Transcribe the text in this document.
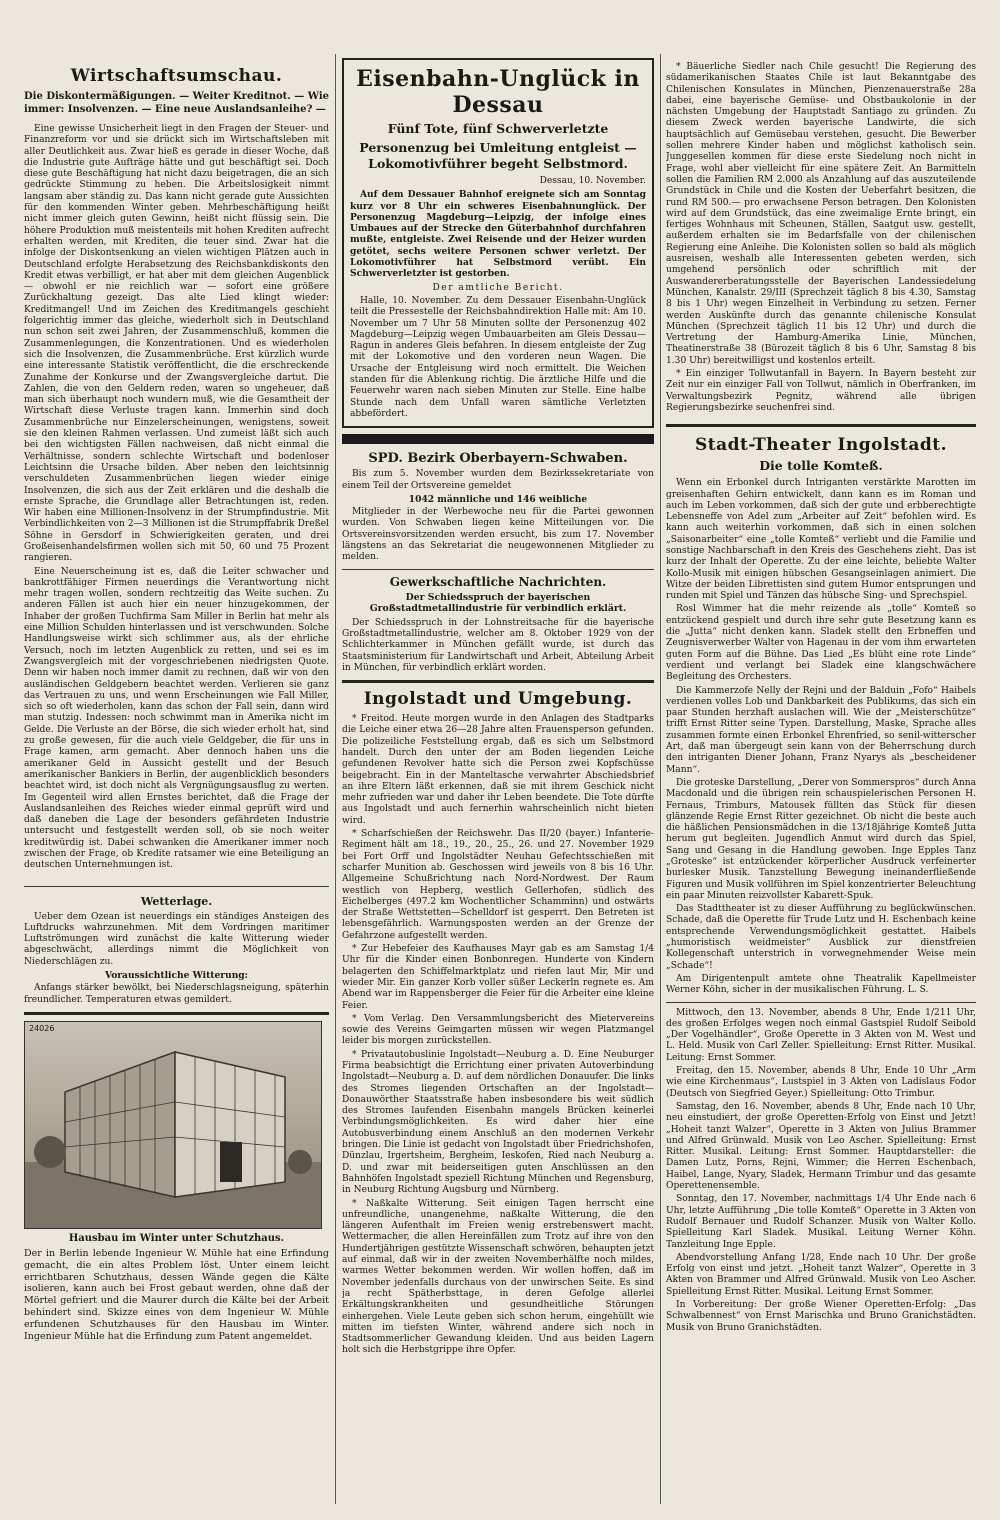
Wirtschaftsumschau.

Die Diskontermäßigungen. — Weiter Kreditnot. — Wie immer: Insolvenzen. — Eine neue Auslandsanleihe? —

Eine gewisse Unsicherheit liegt in den Fragen der Steuer- und Finanzreform vor und sie drückt sich im Wirtschaftsleben mit aller Deutlichkeit aus. Zwar hieß es gerade in dieser Woche, daß die Industrie gute Aufträge hätte und gut beschäftigt sei. Doch diese gute Beschäftigung hat nicht dazu beigetragen, die an sich gedrückte Stimmung zu heben. Die Arbeitslosigkeit nimmt langsam aber ständig zu. Das kann nicht gerade gute Aussichten für den kommenden Winter geben. Mehrbeschäftigung heißt nicht immer gleich guten Gewinn, heißt nicht flüssig sein. Die höhere Produktion muß meistenteils mit hohen Krediten aufrecht erhalten werden, mit Krediten, die teuer sind. Zwar hat die infolge der Diskontsenkung an vielen wichtigen Plätzen auch in Deutschland erfolgte Herabsetzung des Reichsbankdiskonts den Kredit etwas verbilligt, er hat aber mit dem gleichen Augenblick — obwohl er nie reichlich war — sofort eine größere Zurückhaltung gezeigt. Das alte Lied klingt wieder: Kreditmangel! Und im Zeichen des Kreditmangels geschieht folgerichtig immer das gleiche, wiederholt sich in Deutschland nun schon seit zwei Jahren, der Zusammenschluß, kommen die Zusammenlegungen, die Konzentrationen. Und es wiederholen sich die Insolvenzen, die Zusammenbrüche. Erst kürzlich wurde eine interessante Statistik veröffentlicht, die die erschreckende Zunahme der Konkurse und der Zwangsvergleiche dartut. Die Zahlen, die von den Geldern reden, waren so ungeheuer, daß man sich überhaupt noch wundern muß, wie die Gesamtheit der Wirtschaft diese Verluste tragen kann. Immerhin sind doch Zusammenbrüche nur Einzelerscheinungen, wenigstens, soweit sie den kleinen Rahmen verlassen. Und zumeist läßt sich auch bei den wichtigsten Fällen nachweisen, daß nicht einmal die Verhältnisse, sondern schlechte Wirtschaft und bodenloser Leichtsinn die Ursache bilden. Aber neben den leichtsinnig verschuldeten Zusammenbrüchen liegen wieder einige Insolvenzen, die sich aus der Zeit erklären und die deshalb die ernste Sprache, die Grundlage aller Betrachtungen ist, reden. Wir haben eine Millionen-Insolvenz in der Strumpfindustrie. Mit Verbindlichkeiten von 2—3 Millionen ist die Strumpffabrik Dreßel Söhne in Gersdorf in Schwierigkeiten geraten, und drei Großeisenhandelsfirmen wollen sich mit 50, 60 und 75 Prozent rangieren.

Eine Neuerscheinung ist es, daß die Leiter schwacher und bankrottfähiger Firmen neuerdings die Verantwortung nicht mehr tragen wollen, sondern rechtzeitig das Weite suchen. Zu anderen Fällen ist auch hier ein neuer hinzugekommen, der Inhaber der großen Tuchfirma Sam Miller in Berlin hat mehr als eine Million Schulden hinterlassen und ist verschwunden. Solche Handlungsweise wirkt sich schlimmer aus, als der ehrliche Versuch, noch im letzten Augenblick zu retten, und sei es im Zwangsvergleich mit der vorgeschriebenen niedrigsten Quote. Denn wir haben noch immer damit zu rechnen, daß wir von den ausländischen Geldgebern beachtet werden. Verlieren sie ganz das Vertrauen zu uns, und wenn Erscheinungen wie Fall Miller, sich so oft wiederholen, kann das schon der Fall sein, dann wird man stutzig. Indessen: noch schwimmt man in Amerika nicht im Gelde. Die Verluste an der Börse, die sich wieder erholt hat, sind zu große gewesen, für die auch viele Geldgeber, die für uns in Frage kamen, arm gemacht. Aber dennoch haben uns die amerikaner Geld in Aussicht gestellt und der Besuch amerikanischer Bankiers in Berlin, der augenblicklich besonders beachtet wird, ist doch nicht als Vergnügungsausflug zu werten. Im Gegenteil wird allen Ernstes berichtet, daß die Frage der Auslandsanleihen des Reiches wieder einmal geprüft wird und daß daneben die Lage der besonders gefährdeten Industrie untersucht und festgestellt werden soll, ob sie noch weiter kreditwürdig ist. Dabei schwanken die Amerikaner immer noch zwischen der Frage, ob Kredite ratsamer wie eine Beteiligung an deutschen Unternehmungen ist.

Wetterlage.

Ueber dem Ozean ist neuerdings ein ständiges Ansteigen des Luftdrucks wahrzunehmen. Mit dem Vordringen maritimer Luftströmungen wird zunächst die kalte Witterung wieder abgeschwächt, allerdings nimmt die Möglichkeit von Niederschlägen zu.

Voraussichtliche Witterung:

Anfangs stärker bewölkt, bei Niederschlagsneigung, späterhin freundlicher. Temperaturen etwas gemildert.

24026

Hausbau im Winter unter Schutzhaus.

Der in Berlin lebende Ingenieur W. Mühle hat eine Erfindung gemacht, die ein altes Problem löst. Unter einem leicht errichtbaren Schutzhaus, dessen Wände gegen die Kälte isolieren, kann auch bei Frost gebaut werden, ohne daß der Mörtel gefriert und die Maurer durch die Kälte bei der Arbeit behindert sind. Skizze eines von dem Ingenieur W. Mühle erfundenen Schutzhauses für den Hausbau im Winter. Ingenieur Mühle hat die Erfindung zum Patent angemeldet.

Eisenbahn-Unglück in Dessau
Fünf Tote, fünf Schwerverletzte
Personenzug bei Umleitung entgleist — Lokomotivführer begeht Selbstmord.

Dessau, 10. November.

Auf dem Dessauer Bahnhof ereignete sich am Sonntag kurz vor 8 Uhr ein schweres Eisenbahnunglück. Der Personenzug Magdeburg—Leipzig, der infolge eines Umbaues auf der Strecke den Güterbahnhof durchfahren mußte, entgleiste. Zwei Reisende und der Heizer wurden getötet, sechs weitere Personen schwer verletzt. Der Lokomotivführer hat Selbstmord verübt. Ein Schwerverletzter ist gestorben.

Der amtliche Bericht.

Halle, 10. November. Zu dem Dessauer Eisenbahn-Unglück teilt die Pressestelle der Reichsbahndirektion Halle mit: Am 10. November um 7 Uhr 58 Minuten sollte der Personenzug 402 Magdeburg—Leipzig wegen Umbauarbeiten am Gleis Dessau—Ragun in anderes Gleis befahren. In diesem entgleiste der Zug mit der Lokomotive und den vorderen neun Wagen. Die Ursache der Entgleisung wird noch ermittelt. Die Weichen standen für die Ablenkung richtig. Die ärztliche Hilfe und die Feuerwehr waren nach sieben Minuten zur Stelle. Eine halbe Stunde nach dem Unfall waren sämtliche Verletzten abbefördert.

SPD. Bezirk Oberbayern-Schwaben.

Bis zum 5. November wurden dem Bezirkssekretariate von einem Teil der Ortsvereine gemeldet

1042 männliche und 146 weibliche

Mitglieder in der Werbewoche neu für die Partei gewonnen wurden. Von Schwaben liegen keine Mitteilungen vor. Die Ortsvereinsvorsitzenden werden ersucht, bis zum 17. November längstens an das Sekretariat die neugewonnenen Mitglieder zu melden.

Gewerkschaftliche Nachrichten.

Der Schiedsspruch der bayerischen Großstadtmetallindustrie für verbindlich erklärt.

Der Schiedsspruch in der Lohnstreitsache für die bayerische Großstadtmetallindustrie, welcher am 8. Oktober 1929 von der Schlichterkammer in München gefällt wurde, ist durch das Staatsministerium für Landwirtschaft und Arbeit, Abteilung Arbeit in München, für verbindlich erklärt worden.

Ingolstadt und Umgebung.

* Freitod. Heute morgen wurde in den Anlagen des Stadtparks die Leiche einer etwa 26—28 Jahre alten Frauensperson gefunden. Die polizeiliche Feststellung ergab, daß es sich um Selbstmord handelt. Durch den unter der am Boden liegenden Leiche gefundenen Revolver hatte sich die Person zwei Kopfschüsse beigebracht. Ein in der Manteltasche verwahrter Abschiedsbrief an ihre Eltern läßt erkennen, daß sie mit ihrem Geschick nicht mehr zufrieden war und daher ihr Leben beendete. Die Tote dürfte aus Ingolstadt und auch fernerhin wahrscheinlich nicht bieten wird.

* Scharfschießen der Reichswehr. Das II/20 (bayer.) Infanterie-Regiment hält am 18., 19., 20., 25., 26. und 27. November 1929 bei Fort Orff und Ingolstädter Neuhau Gefechtsschießen mit scharfer Munition ab. Geschossen wird jeweils von 8 bis 16 Uhr. Allgemeine Schußrichtung nach Nord-Nordwest. Der Raum westlich von Hepberg, westlich Gellerhofen, südlich des Eichelberges (497.2 km Wochentlicher Schamminn) und ostwärts der Straße Wettstetten—Schelldorf ist gesperrt. Den Betreten ist lebensgefährlich. Warnungsposten werden an der Grenze der Gefahrzone aufgestellt werden.

* Zur Hebefeier des Kaufhauses Mayr gab es am Samstag 1/4 Uhr für die Kinder einen Bonbonregen. Hunderte von Kindern belagerten den Schiffelmarktplatz und riefen laut Mir, Mir und wieder Mir. Ein ganzer Korb voller süßer Leckerln regnete es. Am Abend war im Rappensberger die Feier für die Arbeiter eine kleine Feier.

* Vom Verlag. Den Versammlungsbericht des Mietervereins sowie des Vereins Geimgarten müssen wir wegen Platzmangel leider bis morgen zurückstellen.

* Privatautobuslinie Ingolstadt—Neuburg a. D. Eine Neuburger Firma beabsichtigt die Errichtung einer privaten Autoverbindung Ingolstadt—Neuburg a. D. auf dem nördlichen Donauufer. Die links des Stromes liegenden Ortschaften an der Ingolstadt—Donauwörther Staatsstraße haben insbesondere bis weit südlich des Stromes laufenden Eisenbahn mangels Brücken keinerlei Verbindungsmöglichkeiten. Es wird daher hier eine Autobusverbindung einem Anschluß an den modernen Verkehr bringen. Die Linie ist gedacht von Ingolstadt über Friedrichshofen, Dünzlau, Irgertsheim, Bergheim, Ieskofen, Ried nach Neuburg a. D. und zwar mit beiderseitigen guten Anschlüssen an den Bahnhöfen Ingolstadt speziell Richtung München und Regensburg, in Neuburg Richtung Augsburg und Nürnberg.

* Naßkalte Witterung. Seit einigen Tagen herrscht eine unfreundliche, unangenehme, naßkalte Witterung, die den längeren Aufenthalt im Freien wenig erstrebenswert macht. Wettermacher, die allen Hereinfällen zum Trotz auf ihre von den Hundertjährigen gestützte Wissenschaft schwören, behaupten jetzt auf einmal, daß wir in der zweiten Novemberhälfte noch mildes, warmes Wetter bekommen werden. Wir wollen hoffen, daß im November jedenfalls durchaus von der unwirschen Seite. Es sind ja recht Spätherbsttage, in deren Gefolge allerlei Erkältungskrankheiten und gesundheitliche Störungen einhergehen. Viele Leute geben sich schon herum, eingehüllt wie mitten im tiefsten Winter, während andere sich noch in Stadtsommerlicher Gewandung kleiden. Und aus beiden Lagern holt sich die Herbstgrippe ihre Opfer.

* Bäuerliche Siedler nach Chile gesucht! Die Regierung des südamerikanischen Staates Chile ist laut Bekanntgabe des Chilenischen Konsulates in München, Pienzenauerstraße 28a dabei, eine bayerische Gemüse- und Obstbaukolonie in der nächsten Umgebung der Hauptstadt Santiago zu gründen. Zu diesem Zweck werden bayerische Landwirte, die sich hauptsächlich auf Gemüsebau verstehen, gesucht. Die Bewerber sollen mehrere Kinder haben und möglichst katholisch sein. Junggesellen kommen für diese erste Siedelung noch nicht in Frage, wohl aber vielleicht für eine spätere Zeit. An Barmitteln sollen die Familien RM 2.000 als Anzahlung auf das auszuteilende Grundstück in Chile und die Kosten der Ueberfahrt besitzen, die rund RM 500.— pro erwachsene Person betragen. Den Kolonisten wird auf dem Grundstück, das eine zweimalige Ernte bringt, ein fertiges Wohnhaus mit Scheunen, Ställen, Saatgut usw. gestellt, außerdem erhalten sie im Bedarfsfalle von der chilenischen Regierung eine Anleihe. Die Kolonisten sollen so bald als möglich ausreisen, weshalb alle Interessenten gebeten werden, sich umgehend persönlich oder schriftlich mit der Auswandererberatungsstelle der Bayerischen Landessiedelung München, Kanalstr. 29/III (Sprechzeit täglich 8 bis 4.30, Samstag 8 bis 1 Uhr) wegen Einzelheit in Verbindung zu setzen. Ferner werden Auskünfte durch das genannte chilenische Konsulat München (Sprechzeit täglich 11 bis 12 Uhr) und durch die Vertretung der Hamburg-Amerika Linie, München, Theatinerstraße 38 (Bürozeit täglich 8 bis 6 Uhr, Samstag 8 bis 1.30 Uhr) bereitwilligst und kostenlos erteilt.

* Ein einziger Tollwutanfall in Bayern. In Bayern besteht zur Zeit nur ein einziger Fall von Tollwut, nämlich in Oberfranken, im Verwaltungsbezirk Pegnitz, während alle übrigen Regierungsbezirke seuchenfrei sind.

Stadt-Theater Ingolstadt.
Die tolle Komteß.

Wenn ein Erbonkel durch Intriganten verstärkte Marotten im greisenhaften Gehirn entwickelt, dann kann es im Roman und auch im Leben vorkommen, daß sich der gute und erbberechtigte Lebensneffe von Adel zum „Arbeiter auf Zeit“ befohlen wird. Es kann auch weiterhin vorkommen, daß sich in einen solchen „Saisonarbeiter“ eine „tolle Komteß“ verliebt und die Familie und sonstige Nachbarschaft in den Kreis des Geschehens zieht. Das ist kurz der Inhalt der Operette. Zu der eine leichte, beliebte Walter Kollo-Musik mit einigen hübschen Gesangseinlagen animiert. Die Witze der beiden Librettisten sind gutem Humor entsprungen und runden mit Spiel und Tänzen das hübsche Sing- und Sprechspiel.

Rosl Wimmer hat die mehr reizende als „tolle“ Komteß so entzückend gespielt und durch ihre sehr gute Besetzung kann es die „Jutta“ nicht denken kann. Sladek stellt den Erbneffen und Zeugnisverwerber Walter von Hagenau in der vom ihm erwarteten guten Form auf die Bühne. Das Lied „Es blüht eine rote Linde“ verdient und verlangt bei Sladek eine klangschwächere Begleitung des Orchesters.

Die Kammerzofe Nelly der Rejni und der Balduin „Fofo“ Haibels verdienen volles Lob und Dankbarkeit des Publikums, das sich ein paar Stunden herzhaft auslachen will. Wie der „Meisterschütze“ trifft Ernst Ritter seine Typen. Darstellung, Maske, Sprache alles zusammen formte einen Erbonkel Ehrenfried, so senil-witterscher Art, daß man übergeugt sein kann von der Beherrschung durch den intriganten Diener Johann, Franz Nyarys als „bescheidener Mann“.

Die groteske Darstellung, „Derer von Sommerspros“ durch Anna Macdonald und die übrigen rein schauspielerischen Personen H. Fernaus, Trimburs, Matousek füllten das Stück für diesen glänzende Regie Ernst Ritter gezeichnet. Ob nicht die beste auch die häßlichen Pensionsmädchen in die 13/18jährige Komteß Jutta herum gut begleiten. Jugendlich Anmut wird durch das Spiel, Sang und Gesang in die Handlung gewoben. Inge Epples Tanz „Groteske“ ist entzückender körperlicher Ausdruck verfeinerter burlesker Musik. Tanzstellung Bewegung ineinanderfließende Figuren und Musik vollführen im Spiel konzentrierter Beleuchtung ein paar Minuten reizvollster Kabarett-Spuk.

Das Stadttheater ist zu dieser Aufführung zu beglückwünschen. Schade, daß die Operette für Trude Lutz und H. Eschenbach keine entsprechende Verwendungsmöglichkeit gestattet. Haibels „humoristisch weidmeister“ Ausblick zur dienstfreien Kollegenschaft unterstrich in vorwegnehmender Weise mein „Schade“!

Am Dirigentenpult amtete ohne Theatralik Kapellmeister Werner Köhn, sicher in der musikalischen Führung. L. S.

Mittwoch, den 13. November, abends 8 Uhr, Ende 1/211 Uhr, des großen Erfolges wegen noch einmal Gastspiel Rudolf Seibold „Der Vogelhändler“, Große Operette in 3 Akten von M. West und L. Held. Musik von Carl Zeller. Spielleitung: Ernst Ritter. Musikal. Leitung: Ernst Sommer.

Freitag, den 15. November, abends 8 Uhr, Ende 10 Uhr „Arm wie eine Kirchenmaus“, Lustspiel in 3 Akten von Ladislaus Fodor (Deutsch von Siegfried Geyer.) Spielleitung: Otto Trimbur.

Samstag, den 16. November, abends 8 Uhr, Ende nach 10 Uhr, neu einstudiert, der große Operetten-Erfolg von Einst und Jetzt! „Hoheit tanzt Walzer“, Operette in 3 Akten von Julius Brammer und Alfred Grünwald. Musik von Leo Ascher. Spielleitung: Ernst Ritter. Musikal. Leitung: Ernst Sommer. Hauptdarsteller: die Damen Lutz, Porns, Rejni, Wimmer; die Herren Eschenbach, Haibel, Lange, Nyary, Sladek, Hermann Trimbur und das gesamte Operettenensemble.

Sonntag, den 17. November, nachmittags 1/4 Uhr Ende nach 6 Uhr, letzte Aufführung „Die tolle Komteß“ Operette in 3 Akten von Rudolf Bernauer und Rudolf Schanzer. Musik von Walter Kollo. Spielleitung Karl Sladek. Musikal. Leitung Werner Köhn. Tanzleitung Inge Epple.

Abendvorstellung Anfang 1/28, Ende nach 10 Uhr. Der große Erfolg von einst und jetzt. „Hoheit tanzt Walzer“, Operette in 3 Akten von Brammer und Alfred Grünwald. Musik von Leo Ascher. Spielleitung Ernst Ritter. Musikal. Leitung Ernst Sommer.

In Vorbereitung: Der große Wiener Operetten-Erfolg: „Das Schwalbennest“ von Ernst Marischka und Bruno Granichstädten. Musik von Bruno Granichstädten.
